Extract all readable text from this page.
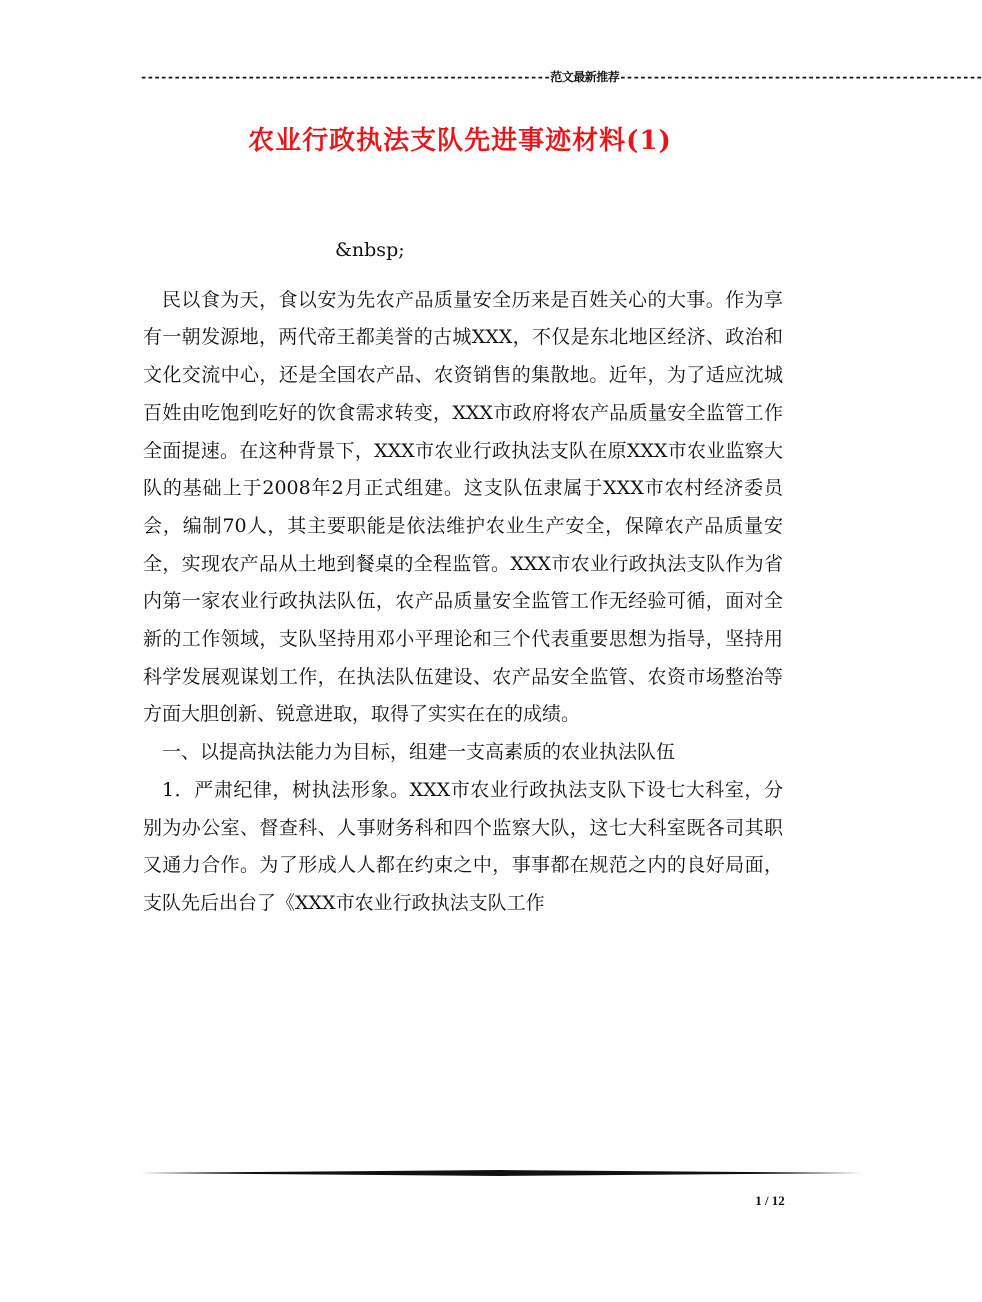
-------------------------------------------------------------范文最新推荐------------------------------------------------------
农业行政执法支队先进事迹材料(1)

&nbsp;

民以食为天，食以安为先农产品质量安全历来是百姓关心的大事。作为享有一朝发源地，两代帝王都美誉的古城XXX，不仅是东北地区经济、政治和文化交流中心，还是全国农产品、农资销售的集散地。近年，为了适应沈城百姓由吃饱到吃好的饮食需求转变，XXX市政府将农产品质量安全监管工作全面提速。在这种背景下，XXX市农业行政执法支队在原XXX市农业监察大队的基础上于2008年2月正式组建。这支队伍隶属于XXX市农村经济委员会，编制70人，其主要职能是依法维护农业生产安全，保障农产品质量安全，实现农产品从土地到餐桌的全程监管。XXX市农业行政执法支队作为省内第一家农业行政执法队伍，农产品质量安全监管工作无经验可循，面对全新的工作领域，支队坚持用邓小平理论和三个代表重要思想为指导，坚持用科学发展观谋划工作，在执法队伍建设、农产品安全监管、农资市场整治等方面大胆创新、锐意进取，取得了实实在在的成绩。

一、以提高执法能力为目标，组建一支高素质的农业执法队伍

1．严肃纪律，树执法形象。XXX市农业行政执法支队下设七大科室，分别为办公室、督查科、人事财务科和四个监察大队，这七大科室既各司其职又通力合作。为了形成人人都在约束之中，事事都在规范之内的良好局面，支队先后出台了《XXX市农业行政执法支队工作

1 / 12
